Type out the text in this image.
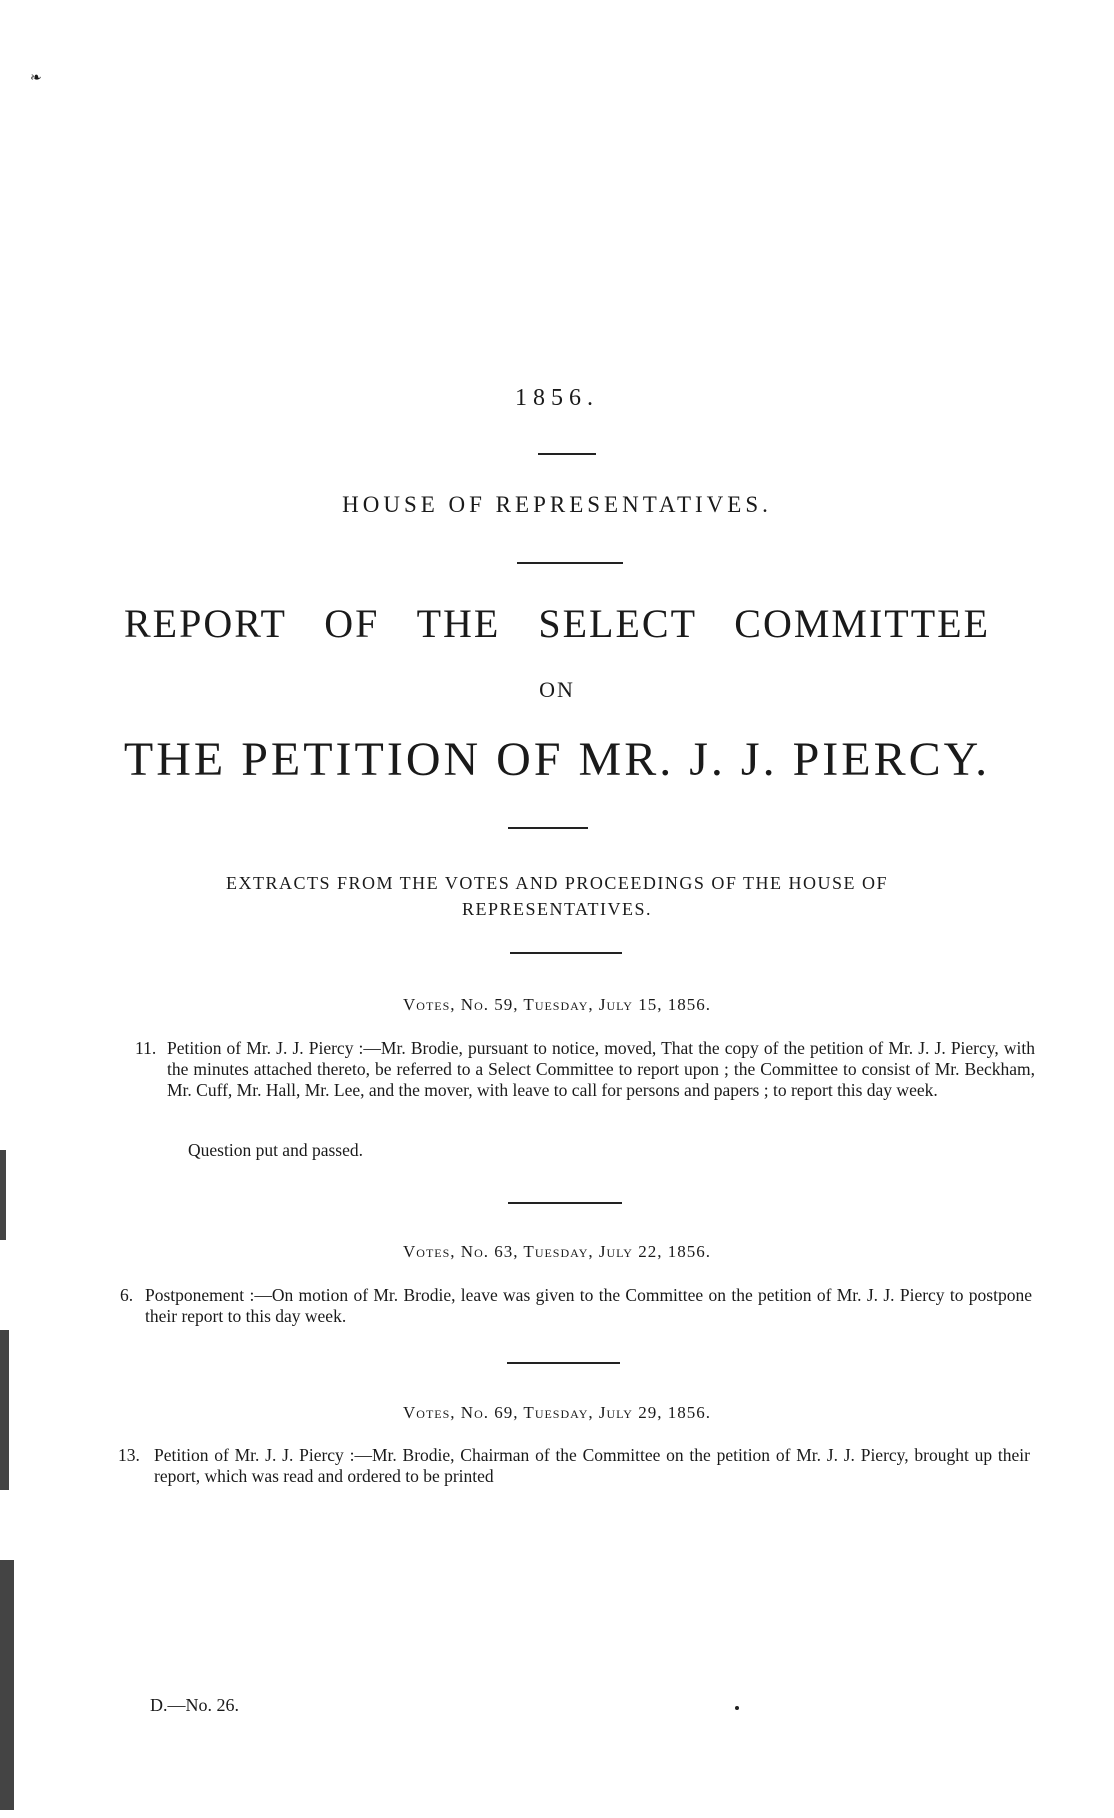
❧
1856.
HOUSE OF REPRESENTATIVES.
REPORT OF THE SELECT COMMITTEE
ON
THE PETITION OF MR. J. J. PIERCY.
EXTRACTS FROM THE VOTES AND PROCEEDINGS OF THE HOUSE OF
REPRESENTATIVES.
Votes, No. 59, Tuesday, July 15, 1856.
11. Petition of Mr. J. J. Piercy :—Mr. Brodie, pursuant to notice, moved, That the copy of the petition of Mr. J. J. Piercy, with the minutes attached thereto, be referred to a Select Committee to report upon ; the Committee to consist of Mr. Beckham, Mr. Cuff, Mr. Hall, Mr. Lee, and the mover, with leave to call for persons and papers ; to report this day week.
Question put and passed.
Votes, No. 63, Tuesday, July 22, 1856.
6. Postponement :—On motion of Mr. Brodie, leave was given to the Committee on the petition of Mr. J. J. Piercy to postpone their report to this day week.
Votes, No. 69, Tuesday, July 29, 1856.
13. Petition of Mr. J. J. Piercy :—Mr. Brodie, Chairman of the Committee on the petition of Mr. J. J. Piercy, brought up their report, which was read and ordered to be printed
D.—No. 26.
